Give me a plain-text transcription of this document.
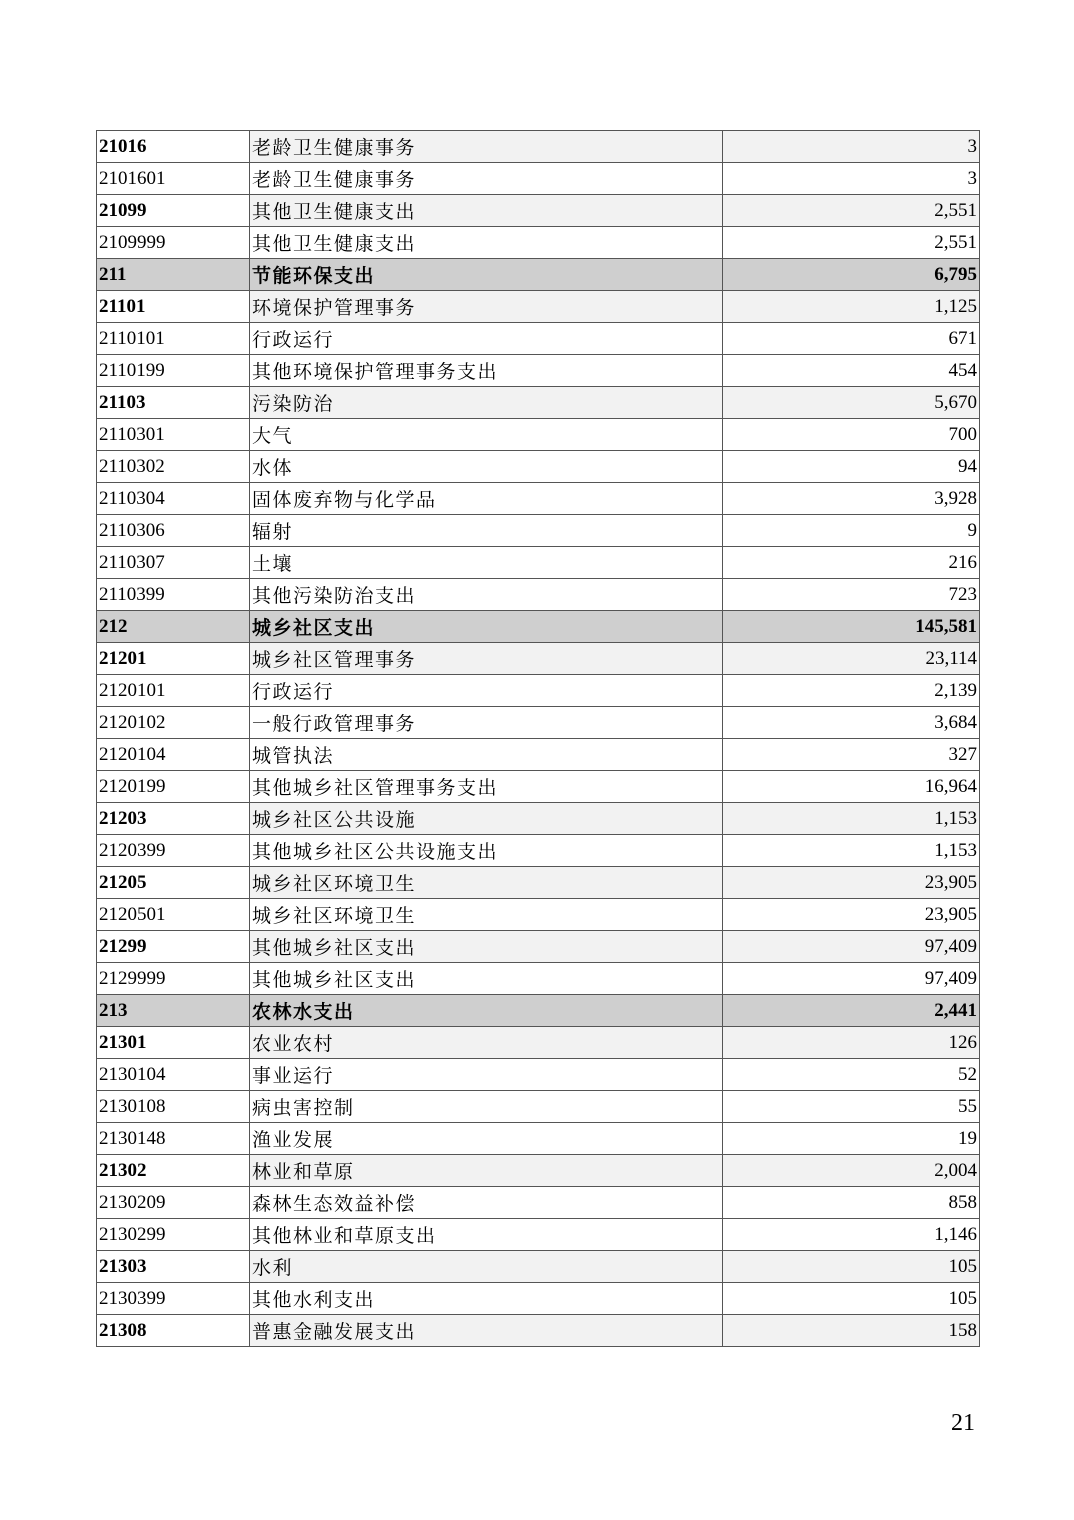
21016	老龄卫生健康事务	3
2101601	老龄卫生健康事务	3
21099	其他卫生健康支出	2,551
2109999	其他卫生健康支出	2,551
211	节能环保支出	6,795
21101	环境保护管理事务	1,125
2110101	行政运行	671
2110199	其他环境保护管理事务支出	454
21103	污染防治	5,670
2110301	大气	700
2110302	水体	94
2110304	固体废弃物与化学品	3,928
2110306	辐射	9
2110307	土壤	216
2110399	其他污染防治支出	723
212	城乡社区支出	145,581
21201	城乡社区管理事务	23,114
2120101	行政运行	2,139
2120102	一般行政管理事务	3,684
2120104	城管执法	327
2120199	其他城乡社区管理事务支出	16,964
21203	城乡社区公共设施	1,153
2120399	其他城乡社区公共设施支出	1,153
21205	城乡社区环境卫生	23,905
2120501	城乡社区环境卫生	23,905
21299	其他城乡社区支出	97,409
2129999	其他城乡社区支出	97,409
213	农林水支出	2,441
21301	农业农村	126
2130104	事业运行	52
2130108	病虫害控制	55
2130148	渔业发展	19
21302	林业和草原	2,004
2130209	森林生态效益补偿	858
2130299	其他林业和草原支出	1,146
21303	水利	105
2130399	其他水利支出	105
21308	普惠金融发展支出	158
21
